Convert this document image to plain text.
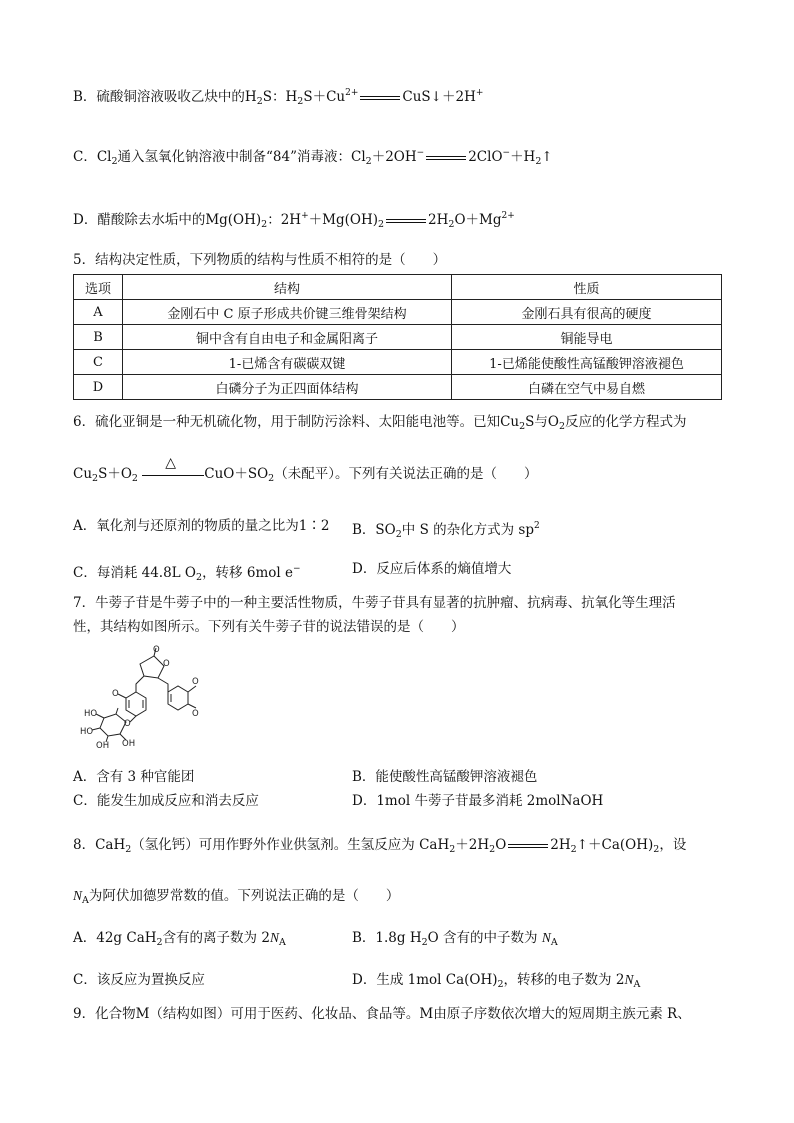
B．硫酸铜溶液吸收乙炔中的$H_2S$：$H_2S+Cu^{2+}$	CuS↓＋2H+
C．$Cl_2$通入氢氧化钠溶液中制备“84”消毒液：$Cl_2+2OH^-$	$2ClO^-+H_2↑$
D．醋酸除去水垢中的$Mg(OH)_2$：$2H^++Mg(OH)_2$	$2H_2O+Mg^{2+}$
5．结构决定性质，下列物质的结构与性质不相符的是（　　）
选项	结构	性质
A	金刚石中 C 原子形成共价键三维骨架结构	金刚石具有很高的硬度
B	铜中含有自由电子和金属阳离子	铜能导电
C	1-已烯含有碳碳双键	1-已烯能使酸性高锰酸钾溶液褪色
D	白磷分子为正四面体结构	白磷在空气中易自燃
6．硫化亚铜是一种无机硫化物，用于制防污涂料、太阳能电池等。已知$Cu_2S$与$O_2$反应的化学方程式为
$Cu_2S+O_2$
△
$CuO+SO_2$（未配平）。下列有关说法正确的是（　　）
A．氧化剂与还原剂的物质的量之比为1∶2 B．$SO_2$中 S 的杂化方式为 $sp^2$
C．每消耗 44.8L $O_2$，转移 6mol e−	D．反应后体系的熵值增大
7．牛蒡子苷是牛蒡子中的一种主要活性物质，牛蒡子苷具有显著的抗肿瘤、抗病毒、抗氧化等生理活
性，其结构如图所示。下列有关牛蒡子苷的说法错误的是（　　）
O
O
O
O
O
O
HO
HO
OH OH
A．含有 3 种官能团	B．能使酸性高锰酸钾溶液褪色
C．能发生加成反应和消去反应	D．1mol 牛蒡子苷最多消耗 2molNaOH
8．CaH$_2$（氢化钙）可用作野外作业供氢剂。生氢反应为 $CaH_2+2H_2O$	$2H_2↑+Ca(OH)_2$，设
$N_A$为阿伏加德罗常数的值。下列说法正确的是（　　）
A．42g CaH$_2$含有的离子数为 $2N_A$	B．1.8g $H_2O$ 含有的中子数为 $N_A$
C．该反应为置换反应	D．生成 1mol $Ca(OH)_2$，转移的电子数为 $2N_A$
9．化合物M（结构如图）可用于医药、化妆品、食品等。M由原子序数依次增大的短周期主族元素 R、
